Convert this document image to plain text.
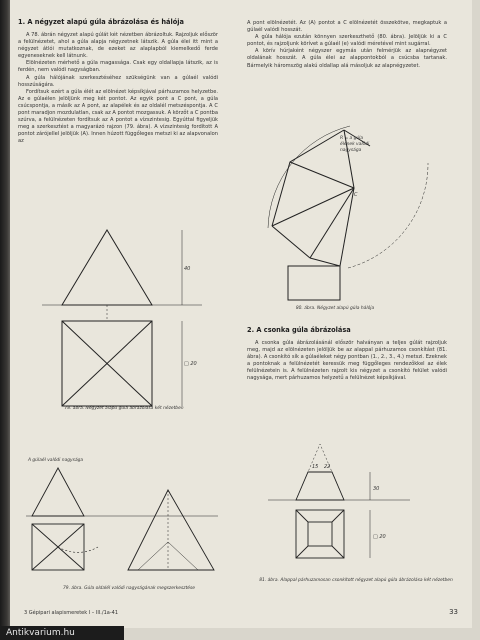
1. A négyzet alapú gúla ábrázolása és hálója

A 78. ábrán négyzet alapú gúlát két nézetben ábrázoltuk. Rajzoljuk először a felülnézetet, ahol a gúla alapja négyzetnek látszik. A gúla élei itt mint a négyzet átlói mutatkoznak, de ezeket az alaplapból kiemelkedő ferde egyeneseknek kell látnunk.

Elölnézeten mérhető a gúla magassága. Csak egy oldallapja látszik, az is ferdén, nem valódi nagyságban.

A gúla hálójának szerkesztéséhez szükségünk van a gúlaél valódi hosszúságára.

Fordítsuk ezért a gúla élét az elölnézet képsíkjával párhuzamos helyzetbe. Az e gúlaélen jelöljünk meg két pontot. Az egyik pont a C pont, a gúla csúcspontja, a másik az A pont, az alapélek és az oldalél metszéspontja. A C pont maradjon mozdulatlan, csak az A pontot mozgassuk. A körzőt a C pontba szúrva, a felülnézeten fordítsuk az A pontot a vízszintesig. Egyúttal figyeljük meg a szerkesztést a magyarázó rajzon (79. ábra). A vízszintesig fordított A pontot zárójellel jelöljük (A). Innen húzott függőleges metszi ki az alapvonalon az

40
□ 20
78. ábra. Négyzet alapú gúla ábrázolása két nézetben
A gúlaél valódi nagysága
79. ábra. Gúla oldalél valódi nagyságának megszerkesztése

A pont elölnézetét. Az (A) pontot a C elölnézetét összekötve, megkaptuk a gúlaél valódi hosszát.

A gúla hálója ezután könnyen szerkeszthető (80. ábra). Jelöljük ki a C pontot, és rajzoljunk körívet a gúlaél (e) valódi méretével mint sugárral.

A körív húrjaként négyszer egymás után felmérjük az alapnégyzet oldalának hosszát. A gúla élei az alappontokból a csúcsba tartanak. Bármelyik háromszög alakú oldallap alá másoljuk az alapnégyzetet.

C
R = a gúla
élének valódi
nagysága
80. ábra. Négyzet alapú gúla hálója
2. A csonka gúla ábrázolása

A csonka gúla ábrázolásánál először halványan a teljes gúlát rajzoljuk meg, majd az elölnézeten jelöljük be az alappal párhuzamos csonkítást (81. ábra). A csonkító sík a gúlaéleket négy pontban (1., 2., 3., 4.) metszi. Ezeknek a pontoknak a felülnézetét keressük meg függőleges rendezőkkel az élek felülnézetein is. A felülnézeten rajzolt kis négyzet a csonkító felület valódi nagysága, mert párhuzamos helyzetű a felülnézet képsíkjával.

15 22
30
□ 20
81. ábra. Alappal párhuzamosan csonkított négyzet alapú gúla ábrázolása két nézetben
3 Gépipari alapismeretek I – III./1a-41	33
Antikvarium.hu
